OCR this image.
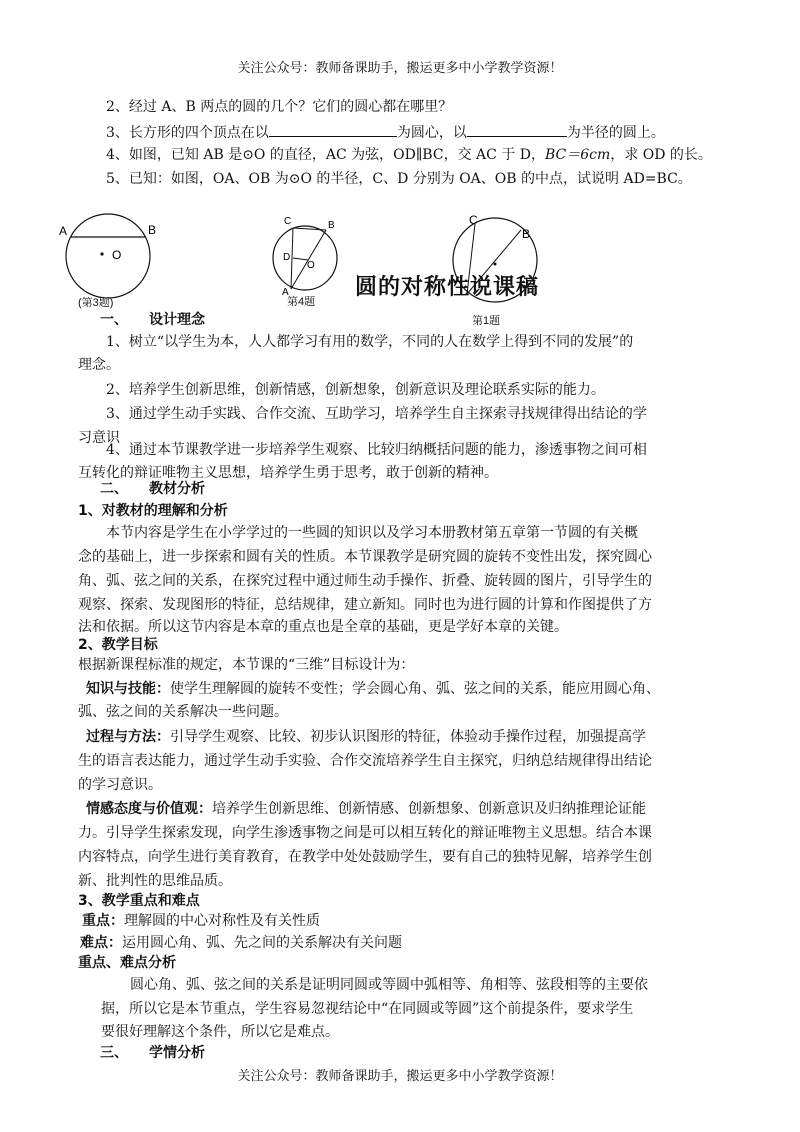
关注公众号：教师备课助手，搬运更多中小学教学资源！
2、经过 A、B 两点的圆的几个？它们的圆心都在哪里？
3、长方形的四个顶点在以	为圆心，以	为半径的圆上。
4、如图，已知 AB 是⊙O 的直径，AC 为弦，OD∥BC，交 AC 于 D，BC＝6cm，求 OD 的长。
5、已知：如图，OA、OB 为⊙O 的半径，C、D 分别为 OA、OB 的中点，试说明 AD=BC。
A	B
O
(第3题)
C
D
O
A
B
第4题
C
B
第1题
圆的对称性说课稿
一、　　设计理念
1、树立“以学生为本，人人都学习有用的数学，不同的人在数学上得到不同的发展”的
理念。
2、培养学生创新思维，创新情感，创新想象，创新意识及理论联系实际的能力。
3、通过学生动手实践、合作交流、互助学习，培养学生自主探索寻找规律得出结论的学
习意识
4、通过本节课教学进一步培养学生观察、比较归纳概括问题的能力，渗透事物之间可相
互转化的辩证唯物主义思想，培养学生勇于思考，敢于创新的精神。
二、　　教材分析
1、对教材的理解和分析
本节内容是学生在小学学过的一些圆的知识以及学习本册教材第五章第一节圆的有关概
念的基础上，进一步探索和圆有关的性质。本节课教学是研究圆的旋转不变性出发，探究圆心
角、弧、弦之间的关系，在探究过程中通过师生动手操作、折叠、旋转圆的图片，引导学生的
观察、探索、发现图形的特征，总结规律，建立新知。同时也为进行圆的计算和作图提供了方
法和依据。所以这节内容是本章的重点也是全章的基础，更是学好本章的关键。
2、教学目标
根据新课程标准的规定，本节课的“三维”目标设计为：
知识与技能：使学生理解圆的旋转不变性；学会圆心角、弧、弦之间的关系，能应用圆心角、
弧、弦之间的关系解决一些问题。
过程与方法：引导学生观察、比较、初步认识图形的特征，体验动手操作过程，加强提高学
生的语言表达能力，通过学生动手实验、合作交流培养学生自主探究，归纳总结规律得出结论
的学习意识。
情感态度与价值观：培养学生创新思维、创新情感、创新想象、创新意识及归纳推理论证能
力。引导学生探索发现，向学生渗透事物之间是可以相互转化的辩证唯物主义思想。结合本课
内容特点，向学生进行美育教育，在教学中处处鼓励学生，要有自己的独特见解，培养学生创
新、批判性的思维品质。
3、教学重点和难点
重点：理解圆的中心对称性及有关性质
难点：运用圆心角、弧、先之间的关系解决有关问题
重点、难点分析
圆心角、弧、弦之间的关系是证明同圆或等圆中弧相等、角相等、弦段相等的主要依
据，所以它是本节重点，学生容易忽视结论中“在同圆或等圆”这个前提条件，要求学生
要很好理解这个条件，所以它是难点。
三、　　学情分析
关注公众号：教师备课助手，搬运更多中小学教学资源！
